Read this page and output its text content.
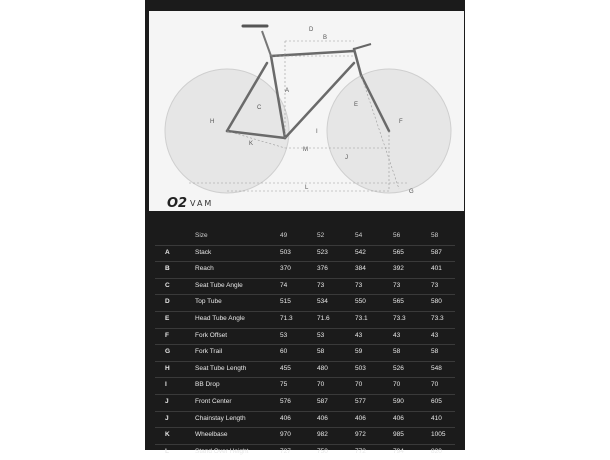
A
B
C
D
E
F
G
H
I
J
K
L
M
O2 VAM
Size	49	52	54	56	58
A	Stack	503	523	542	565	587
B	Reach	370	376	384	392	401
C	Seat Tube Angle	74	73	73	73	73
D	Top Tube	515	534	550	565	580
E	Head Tube Angle	71.3	71.6	73.1	73.3	73.3
F	Fork Offset	53	53	43	43	43
G	Fork Trail	60	58	59	58	58
H	Seat Tube Length	455	480	503	526	548
I	BB Drop	75	70	70	70	70
J	Front Center	576	587	577	590	605
J	Chainstay Length	406	406	406	406	410
K	Wheelbase	970	982	972	985	1005
L	Stand Over Height	727	750	772	794	820
